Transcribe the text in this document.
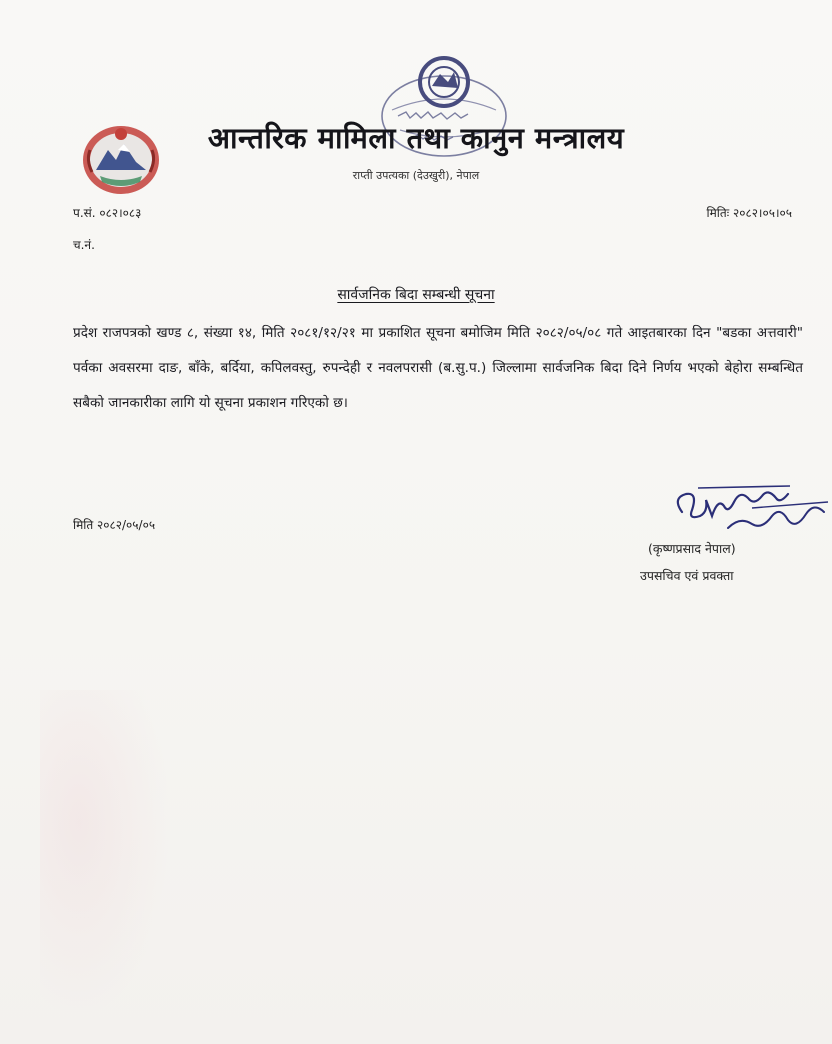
आन्तरिक मामिला तथा कानुन मन्त्रालय
राप्ती उपत्यका (देउखुरी), नेपाल
प.सं. ०८२।०८३	मितिः २०८२।०५।०५
च.नं.
सार्वजनिक बिदा सम्बन्धी सूचना
प्रदेश राजपत्रको खण्ड ८, संख्या १४, मिति २०८१/१२/२१ मा प्रकाशित सूचना बमोजिम मिति २०८२/०५/०८ गते आइतबारका दिन "बडका अत्तवारी" पर्वका अवसरमा दाङ, बाँके, बर्दिया, कपिलवस्तु, रुपन्देही र नवलपरासी (ब.सु.प.) जिल्लामा सार्वजनिक बिदा दिने निर्णय भएको बेहोरा सम्बन्धित सबैको जानकारीका लागि यो सूचना प्रकाशन गरिएको छ।
मिति २०८२/०५/०५
(कृष्णप्रसाद नेपाल)
उपसचिव एवं प्रवक्ता
